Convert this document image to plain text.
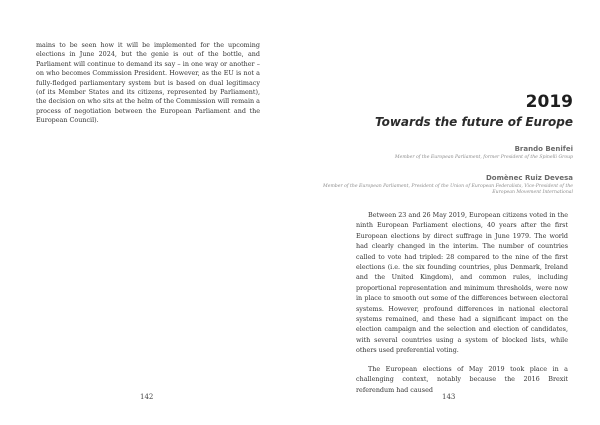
mains to be seen how it will be implemented for the upcoming elections in June 2024, but the genie is out of the bottle, and Parliament will continue to demand its say – in one way or another – on who becomes Commission President. However, as the EU is not a fully-fledged parliamentary system but is based on dual legitimacy (of its Member States and its citizens, represented by Parliament), the decision on who sits at the helm of the Commission will remain a process of negotiation between the European Parliament and the European Council).

142
2019
Towards the future of Europe
Brando Benifei
Member of the European Parliament, former President of the Spinelli Group
Domènec Ruiz Devesa
Member of the European Parliament, President of the Union of European Federalists, Vice-President of the European Movement International

Between 23 and 26 May 2019, European citizens voted in the ninth European Parliament elections, 40 years after the first European elections by direct suffrage in June 1979. The world had clearly changed in the interim. The number of countries called to vote had tripled: 28 compared to the nine of the first elections (i.e. the six founding countries, plus Denmark, Ireland and the United Kingdom), and common rules, including proportional representation and minimum thresholds, were now in place to smooth out some of the differences between electoral systems. However, profound differences in national electoral systems remained, and these had a significant impact on the election campaign and the selection and election of candidates, with several countries using a system of blocked lists, while others used preferential voting.

The European elections of May 2019 took place in a challenging context, notably because the 2016 Brexit referendum had caused

143
